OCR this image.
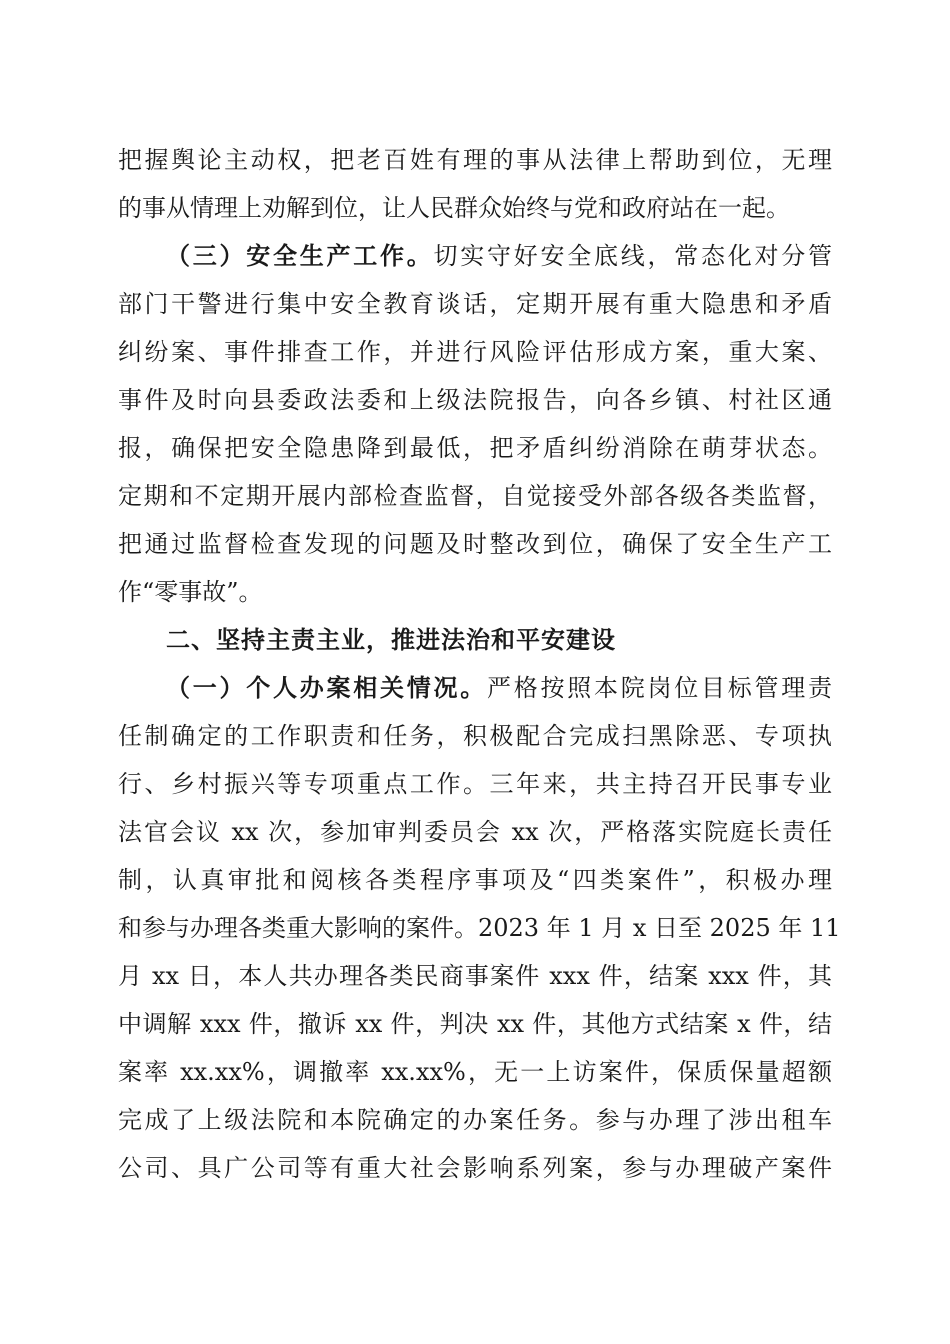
把握舆论主动权，把老百姓有理的事从法律上帮助到位，无理
的事从情理上劝解到位，让人民群众始终与党和政府站在一起。
（三）安全生产工作。切实守好安全底线，常态化对分管
部门干警进行集中安全教育谈话，定期开展有重大隐患和矛盾
纠纷案、事件排查工作，并进行风险评估形成方案，重大案、
事件及时向县委政法委和上级法院报告，向各乡镇、村社区通
报，确保把安全隐患降到最低，把矛盾纠纷消除在萌芽状态。
定期和不定期开展内部检查监督，自觉接受外部各级各类监督，
把通过监督检查发现的问题及时整改到位，确保了安全生产工
作“零事故”。
二、坚持主责主业，推进法治和平安建设
（一）个人办案相关情况。严格按照本院岗位目标管理责
任制确定的工作职责和任务，积极配合完成扫黑除恶、专项执
行、乡村振兴等专项重点工作。三年来，共主持召开民事专业
法官会议 xx 次，参加审判委员会 xx 次，严格落实院庭长责任
制，认真审批和阅核各类程序事项及“四类案件”，积极办理
和参与办理各类重大影响的案件。2023 年 1 月 x 日至 2025 年 11
月 xx 日，本人共办理各类民商事案件 xxx 件，结案 xxx 件，其
中调解 xxx 件，撤诉 xx 件，判决 xx 件，其他方式结案 x 件，结
案率 xx.xx%，调撤率 xx.xx%，无一上访案件，保质保量超额
完成了上级法院和本院确定的办案任务。参与办理了涉出租车
公司、具广公司等有重大社会影响系列案，参与办理破产案件
